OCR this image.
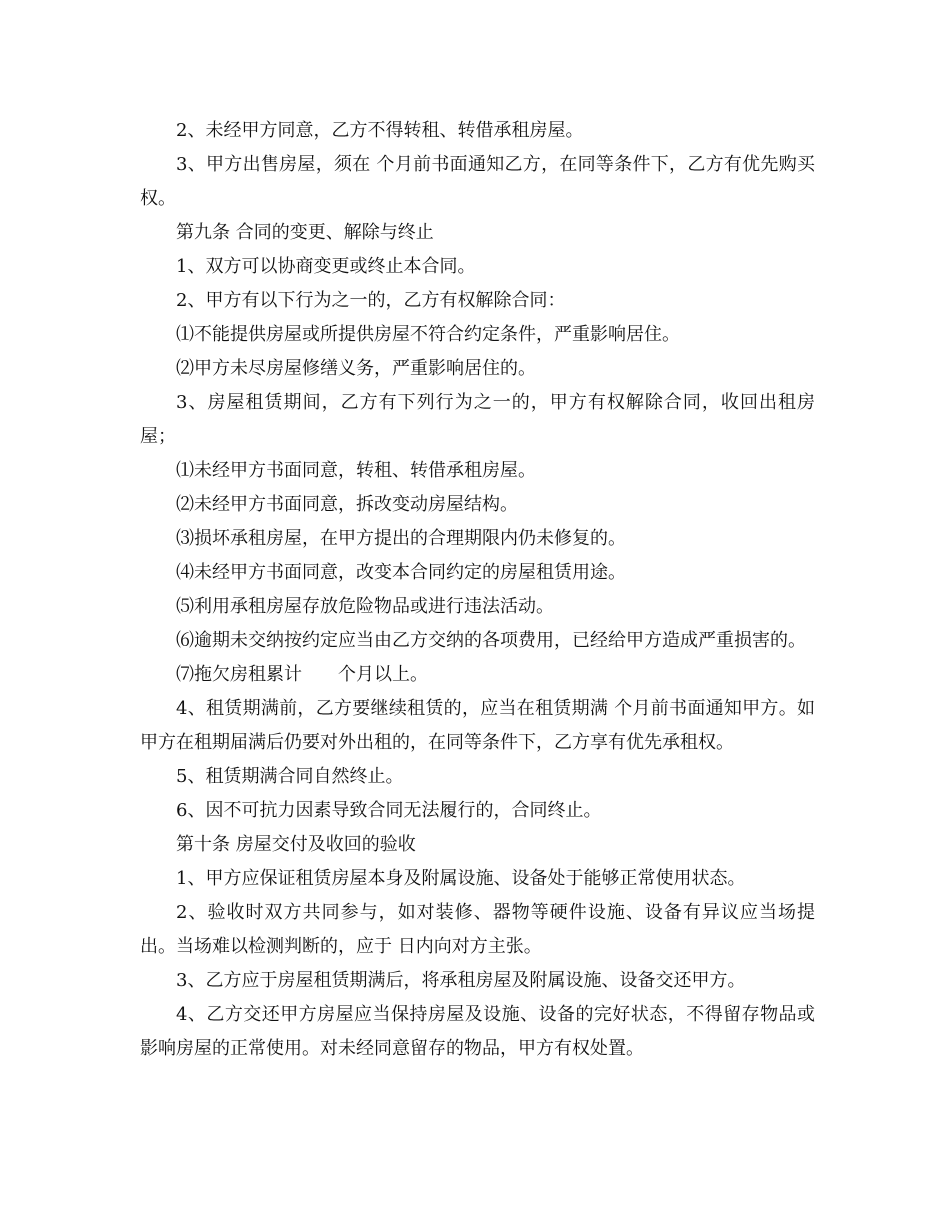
2、未经甲方同意，乙方不得转租、转借承租房屋。

3、甲方出售房屋，须在 个月前书面通知乙方，在同等条件下，乙方有优先购买权。

第九条 合同的变更、解除与终止

1、双方可以协商变更或终止本合同。

2、甲方有以下行为之一的，乙方有权解除合同：

⑴不能提供房屋或所提供房屋不符合约定条件，严重影响居住。

⑵甲方未尽房屋修缮义务，严重影响居住的。

3、房屋租赁期间，乙方有下列行为之一的，甲方有权解除合同，收回出租房屋；

⑴未经甲方书面同意，转租、转借承租房屋。

⑵未经甲方书面同意，拆改变动房屋结构。

⑶损坏承租房屋，在甲方提出的合理期限内仍未修复的。

⑷未经甲方书面同意，改变本合同约定的房屋租赁用途。

⑸利用承租房屋存放危险物品或进行违法活动。

⑹逾期未交纳按约定应当由乙方交纳的各项费用，已经给甲方造成严重损害的。

⑺拖欠房租累计　　个月以上。

4、租赁期满前，乙方要继续租赁的，应当在租赁期满 个月前书面通知甲方。如甲方在租期届满后仍要对外出租的，在同等条件下，乙方享有优先承租权。

5、租赁期满合同自然终止。

6、因不可抗力因素导致合同无法履行的，合同终止。

第十条 房屋交付及收回的验收

1、甲方应保证租赁房屋本身及附属设施、设备处于能够正常使用状态。

2、验收时双方共同参与，如对装修、器物等硬件设施、设备有异议应当场提出。当场难以检测判断的，应于 日内向对方主张。

3、乙方应于房屋租赁期满后，将承租房屋及附属设施、设备交还甲方。

4、乙方交还甲方房屋应当保持房屋及设施、设备的完好状态，不得留存物品或影响房屋的正常使用。对未经同意留存的物品，甲方有权处置。
